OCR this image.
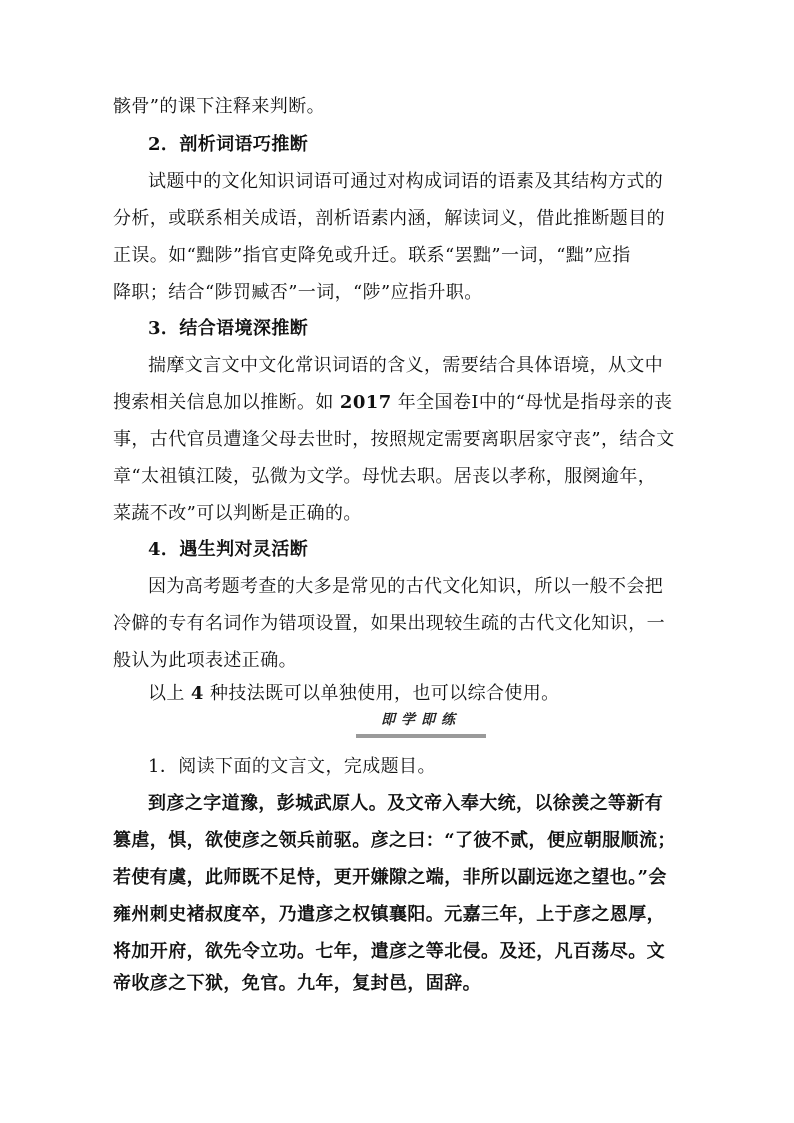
骸骨”的课下注释来判断。
2．剖析词语巧推断
试题中的文化知识词语可通过对构成词语的语素及其结构方式的
分析，或联系相关成语，剖析语素内涵，解读词义，借此推断题目的
正误。如“黜陟”指官吏降免或升迁。联系“罢黜”一词，“黜”应指
降职；结合“陟罚臧否”一词，“陟”应指升职。
3．结合语境深推断
揣摩文言文中文化常识词语的含义，需要结合具体语境，从文中
搜索相关信息加以推断。如 2017 年全国卷Ⅰ中的“母忧是指母亲的丧
事，古代官员遭逢父母去世时，按照规定需要离职居家守丧”，结合文
章“太祖镇江陵，弘微为文学。母忧去职。居丧以孝称，服阕逾年，
菜蔬不改”可以判断是正确的。
4．遇生判对灵活断
因为高考题考查的大多是常见的古代文化知识，所以一般不会把
冷僻的专有名词作为错项设置，如果出现较生疏的古代文化知识，一
般认为此项表述正确。
以上 4 种技法既可以单独使用，也可以综合使用。
即学即练
1．阅读下面的文言文，完成题目。
到彦之字道豫，彭城武原人。及文帝入奉大统，以徐羡之等新有
篡虐，惧，欲使彦之领兵前驱。彦之曰：“了彼不贰，便应朝服顺流；
若使有虞，此师既不足恃，更开嫌隙之端，非所以副远迩之望也。”会
雍州刺史褚叔度卒，乃遣彦之权镇襄阳。元嘉三年，上于彦之恩厚，
将加开府，欲先令立功。七年，遣彦之等北侵。及还，凡百荡尽。文
帝收彦之下狱，免官。九年，复封邑，固辞。
